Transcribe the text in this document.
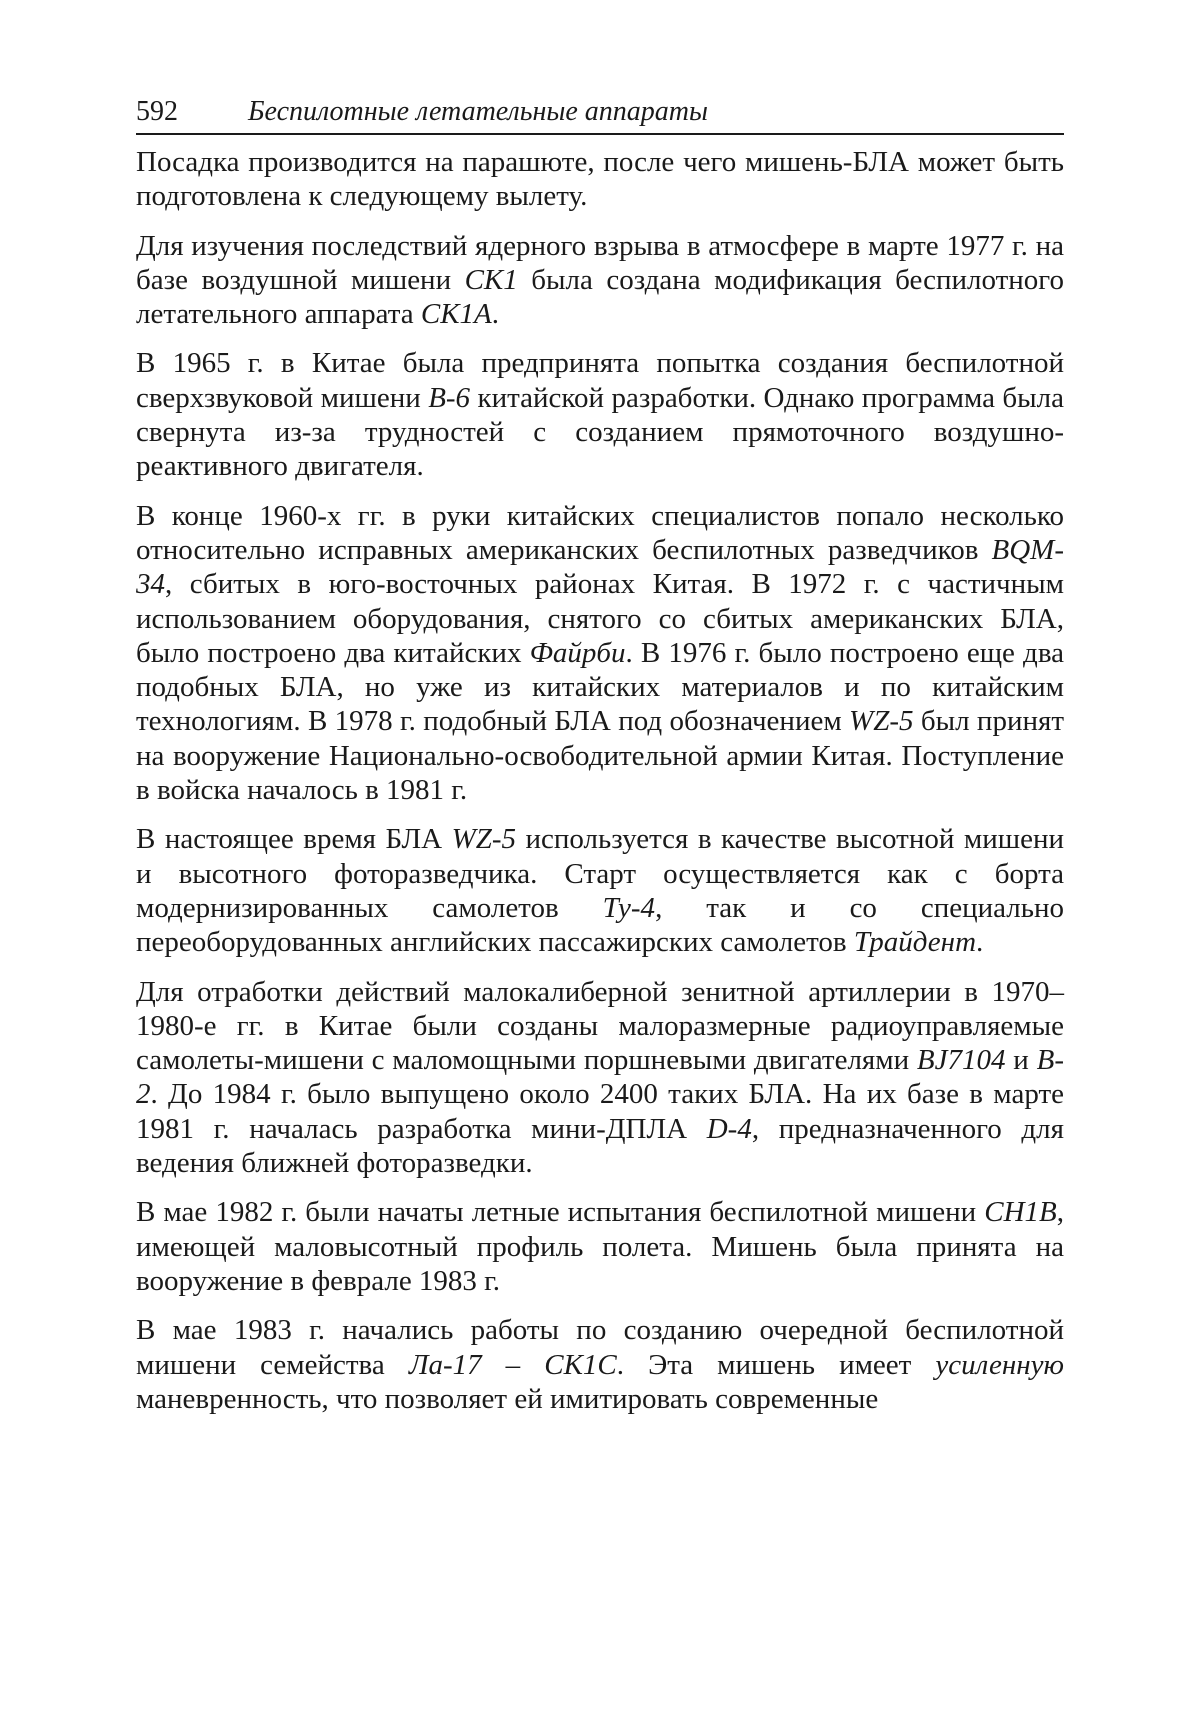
592	Беспилотные летательные аппараты

Посадка производится на парашюте, после чего мишень-БЛА может быть подготовлена к следующему вылету.

Для изучения последствий ядерного взрыва в атмосфере в марте 1977 г. на базе воздушной мишени CK1 была создана модификация беспилотного летательного аппарата CK1A.

В 1965 г. в Китае была предпринята попытка создания беспилотной сверхзвуковой мишени B-6 китайской разработки. Однако программа была свернута из-за трудностей с созданием прямоточного воздушно-реактивного двигателя.

В конце 1960-х гг. в руки китайских специалистов попало несколько относительно исправных американских беспилотных разведчиков BQM-34, сбитых в юго-восточных районах Китая. В 1972 г. с частичным использованием оборудования, снятого со сбитых американских БЛА, было построено два китайских Файрби. В 1976 г. было построено еще два подобных БЛА, но уже из китайских материалов и по китайским технологиям. В 1978 г. подобный БЛА под обозначением WZ-5 был принят на вооружение Национально-освободительной армии Китая. Поступление в войска началось в 1981 г.

В настоящее время БЛА WZ-5 используется в качестве высотной мишени и высотного фоторазведчика. Старт осуществляется как с борта модернизированных самолетов Ту-4, так и со специально переоборудованных английских пассажирских самолетов Трайдент.

Для отработки действий малокалиберной зенитной артиллерии в 1970–1980-е гг. в Китае были созданы малоразмерные радиоуправляемые самолеты-мишени с маломощными поршневыми двигателями BJ7104 и B-2. До 1984 г. было выпущено около 2400 таких БЛА. На их базе в марте 1981 г. началась разработка мини-ДПЛА D-4, предназначенного для ведения ближней фоторазведки.

В мае 1982 г. были начаты летные испытания беспилотной мишени CH1B, имеющей маловысотный профиль полета. Мишень была принята на вооружение в феврале 1983 г.

В мае 1983 г. начались работы по созданию очередной беспилотной мишени семейства Ла-17 – CK1C. Эта мишень имеет усиленную маневренность, что позволяет ей имитировать современные
